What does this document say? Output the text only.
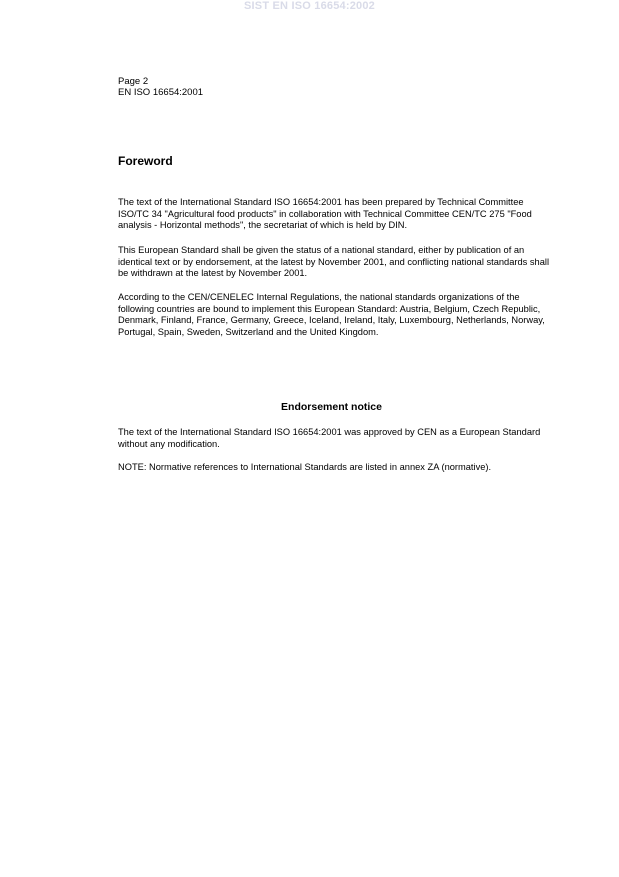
SIST EN ISO 16654:2002
Page 2
EN ISO 16654:2001
Foreword

The text of the International Standard ISO 16654:2001 has been prepared by Technical Committee ISO/TC 34 "Agricultural food products" in collaboration with Technical Committee CEN/TC 275 "Food analysis - Horizontal methods", the secretariat of which is held by DIN.

This European Standard shall be given the status of a national standard, either by publication of an identical text or by endorsement, at the latest by November 2001, and conflicting national standards shall be withdrawn at the latest by November 2001.

According to the CEN/CENELEC Internal Regulations, the national standards organizations of the following countries are bound to implement this European Standard: Austria, Belgium, Czech Republic, Denmark, Finland, France, Germany, Greece, Iceland, Ireland, Italy, Luxembourg, Netherlands, Norway, Portugal, Spain, Sweden, Switzerland and the United Kingdom.

Endorsement notice

The text of the International Standard ISO 16654:2001 was approved by CEN as a European Standard without any modification.

NOTE: Normative references to International Standards are listed in annex ZA (normative).
